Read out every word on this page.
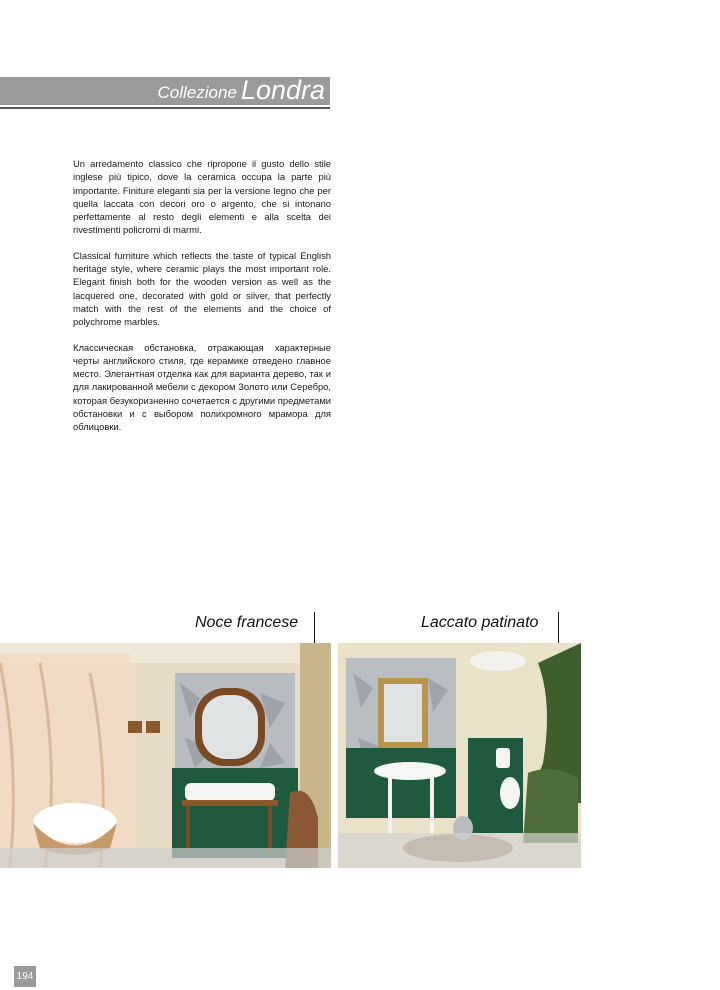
Collezione Londra

Un arredamento classico che ripropone il gusto dello stile inglese più tipico, dove la ceramica occupa la parte più importante. Finiture eleganti sia per la versione legno che per quella laccata con decori oro o argento, che si intonano perfettamente al resto degli elementi e alla scelta dei rivestimenti policromi di marmi.

Classical furniture which reflects the taste of typical English heritage style, where ceramic plays the most important role. Elegant finish both for the wooden version as well as the lacquered one, decorated with gold or silver, that perfectly match with the rest of the elements and the choice of polychrome marbles.

Классическая обстановка, отражающая характерные черты английского стиля, где керамике отведено главное место. Элегантная отделка как для варианта дерево, так и для лакированной мебели с декором Золото или Серебро, которая безукоризненно сочетается с другими предметами обстановки и с выбором полихромного мрамора для облицовки.

Noce francese	Laccato patinato
194
